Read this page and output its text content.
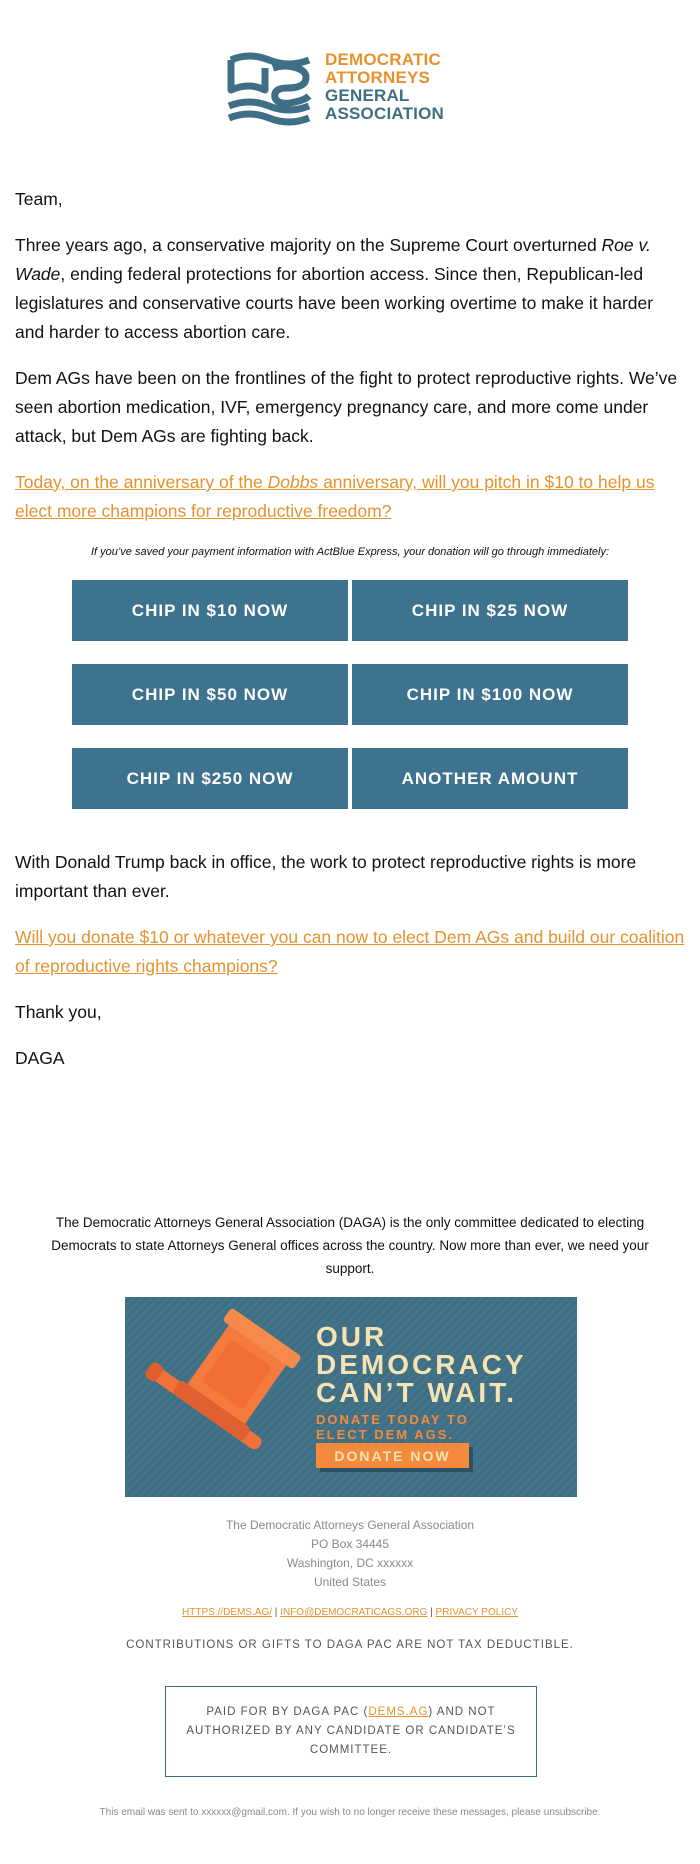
DEMOCRATIC
ATTORNEYS
GENERAL
ASSOCIATION

Team,

Three years ago, a conservative majority on the Supreme Court overturned Roe v. Wade, ending federal protections for abortion access. Since then, Republican-led legislatures and conservative courts have been working overtime to make it harder and harder to access abortion care.

Dem AGs have been on the frontlines of the fight to protect reproductive rights. We’ve seen abortion medication, IVF, emergency pregnancy care, and more come under attack, but Dem AGs are fighting back.

Today, on the anniversary of the Dobbs anniversary, will you pitch in $10 to help us elect more champions for reproductive freedom?

If you’ve saved your payment information with ActBlue Express, your donation will go through immediately:
CHIP IN $10 NOW	CHIP IN $25 NOW
CHIP IN $50 NOW	CHIP IN $100 NOW
CHIP IN $250 NOW	ANOTHER AMOUNT

With Donald Trump back in office, the work to protect reproductive rights is more important than ever.

Will you donate $10 or whatever you can now to elect Dem AGs and build our coalition of reproductive rights champions?

Thank you,

DAGA

The Democratic Attorneys General Association (DAGA) is the only committee dedicated to electing Democrats to state Attorneys General offices across the country. Now more than ever, we need your support.
OUR
DEMOCRACY
CAN’T WAIT.
DONATE TODAY TO
ELECT DEM AGS.
DONATE NOW
The Democratic Attorneys General Association
PO Box 34445
Washington, DC xxxxxx
United States
HTTPS://DEMS.AG/ | INFO@DEMOCRATICAGS.ORG | PRIVACY POLICY
CONTRIBUTIONS OR GIFTS TO DAGA PAC ARE NOT TAX DEDUCTIBLE.
PAID FOR BY DAGA PAC (DEMS.AG) AND NOT AUTHORIZED BY ANY CANDIDATE OR CANDIDATE’S COMMITTEE.
This email was sent to xxxxxx@gmail.com. If you wish to no longer receive these messages, please unsubscribe.
